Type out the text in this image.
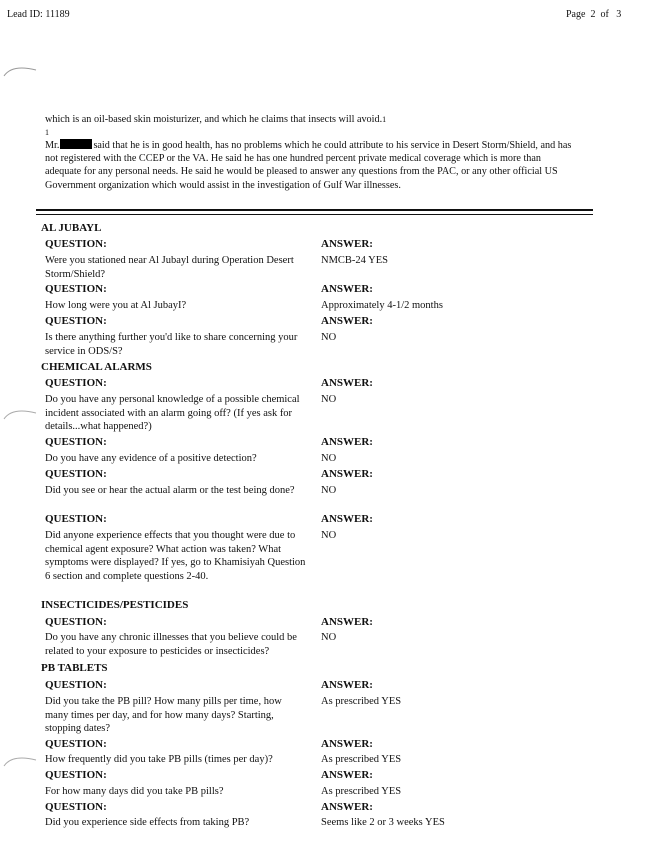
Lead ID: 11189	Page 2 of 3
which is an oil-based skin moisturizer, and which he claims that insects will avoid.1
1
Mr.	said that he is in good health, has no problems which he could attribute to his service in Desert Storm/Shield, and has not registered with the CCEP or the VA. He said he has one hundred percent private medical coverage which is more than adequate for any personal needs. He said he would be pleased to answer any questions from the PAC, or any other official US Government organization which would assist in the investigation of Gulf War illnesses.
AL JUBAYL
QUESTION:	ANSWER:
Were you stationed near Al Jubayl during Operation Desert Storm/Shield?
NMCB-24 YES
QUESTION:	ANSWER:
How long were you at Al JubayI?	Approximately 4-1/2 months
QUESTION:	ANSWER:
Is there anything further you'd like to share concerning your service in ODS/S?
NO
CHEMICAL ALARMS
QUESTION:	ANSWER:
Do you have any personal knowledge of a possible chemical incident associated with an alarm going off? (If yes ask for details...what happened?)
NO
QUESTION:	ANSWER:
Do you have any evidence of a positive detection?	NO
QUESTION:	ANSWER:
Did you see or hear the actual alarm or the test being done?	NO
QUESTION:	ANSWER:
Did anyone experience effects that you thought were due to chemical agent exposure? What action was taken? What symptoms were displayed? If yes, go to Khamisiyah Question 6 section and complete questions 2-40.
NO
INSECTICIDES/PESTICIDES
QUESTION:	ANSWER:
Do you have any chronic illnesses that you believe could be related to your exposure to pesticides or insecticides?
NO
PB TABLETS
QUESTION:	ANSWER:
Did you take the PB pill? How many pills per time, how many times per day, and for how many days? Starting, stopping dates?
As prescribed YES
QUESTION:	ANSWER:
How frequently did you take PB pills (times per day)?	As prescribed YES
QUESTION:	ANSWER:
For how many days did you take PB pills?	As prescribed YES
QUESTION:	ANSWER:
Did you experience side effects from taking PB?	Seems like 2 or 3 weeks YES
